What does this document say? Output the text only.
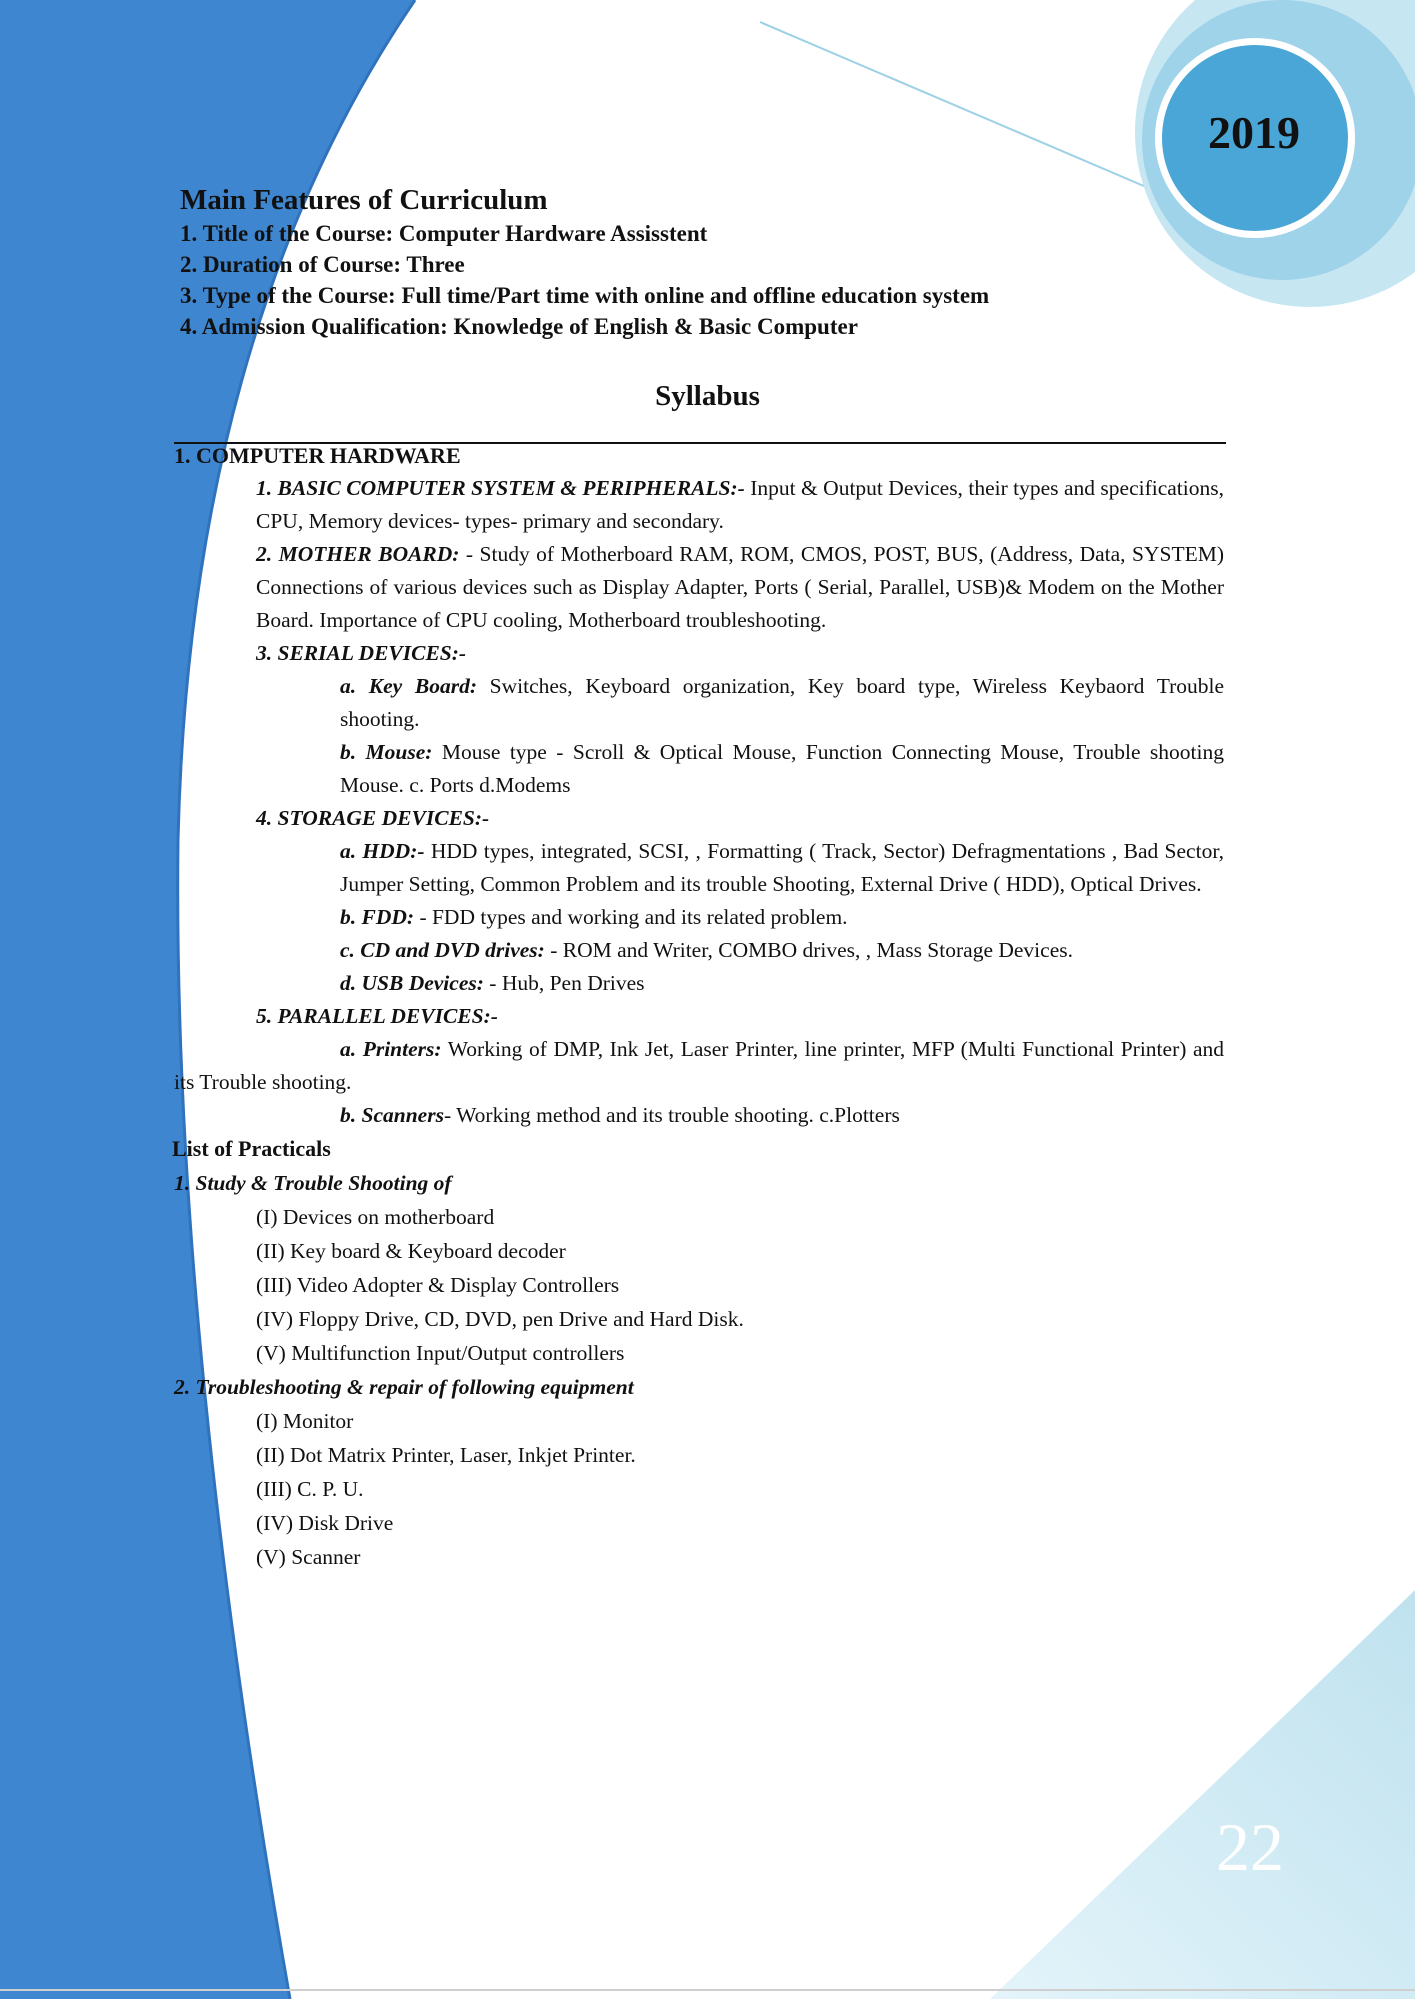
2019
22
Main Features of Curriculum
1. Title of the Course: Computer Hardware Assisstent
2. Duration of Course: Three
3. Type of the Course: Full time/Part time with online and offline education system
4. Admission Qualification: Knowledge of English & Basic Computer
Syllabus
1. COMPUTER HARDWARE
1. BASIC COMPUTER SYSTEM & PERIPHERALS:- Input & Output Devices, their types and specifications, CPU, Memory devices- types- primary and secondary.
2. MOTHER BOARD: - Study of Motherboard RAM, ROM, CMOS, POST, BUS, (Address, Data, SYSTEM) Connections of various devices such as Display Adapter, Ports ( Serial, Parallel, USB)& Modem on the Mother Board. Importance of CPU cooling, Motherboard troubleshooting.
3. SERIAL DEVICES:-
a. Key Board: Switches, Keyboard organization, Key board type, Wireless Keybaord Trouble shooting.
b. Mouse: Mouse type - Scroll & Optical Mouse, Function Connecting Mouse, Trouble shooting Mouse. c. Ports d.Modems
4. STORAGE DEVICES:-
a. HDD:- HDD types, integrated, SCSI, , Formatting ( Track, Sector) Defragmentations , Bad Sector, Jumper Setting, Common Problem and its trouble Shooting, External Drive ( HDD), Optical Drives.
b. FDD: - FDD types and working and its related problem.
c. CD and DVD drives: - ROM and Writer, COMBO drives, , Mass Storage Devices.
d. USB Devices: - Hub, Pen Drives
5. PARALLEL DEVICES:-
a. Printers: Working of DMP, Ink Jet, Laser Printer, line printer, MFP (Multi Functional Printer) and its Trouble shooting.
b. Scanners- Working method and its trouble shooting. c.Plotters
List of Practicals
1. Study & Trouble Shooting of
(I) Devices on motherboard
(II) Key board & Keyboard decoder
(III) Video Adopter & Display Controllers
(IV) Floppy Drive, CD, DVD, pen Drive and Hard Disk.
(V) Multifunction Input/Output controllers
2. Troubleshooting & repair of following equipment
(I) Monitor
(II) Dot Matrix Printer, Laser, Inkjet Printer.
(III) C. P. U.
(IV) Disk Drive
(V) Scanner
